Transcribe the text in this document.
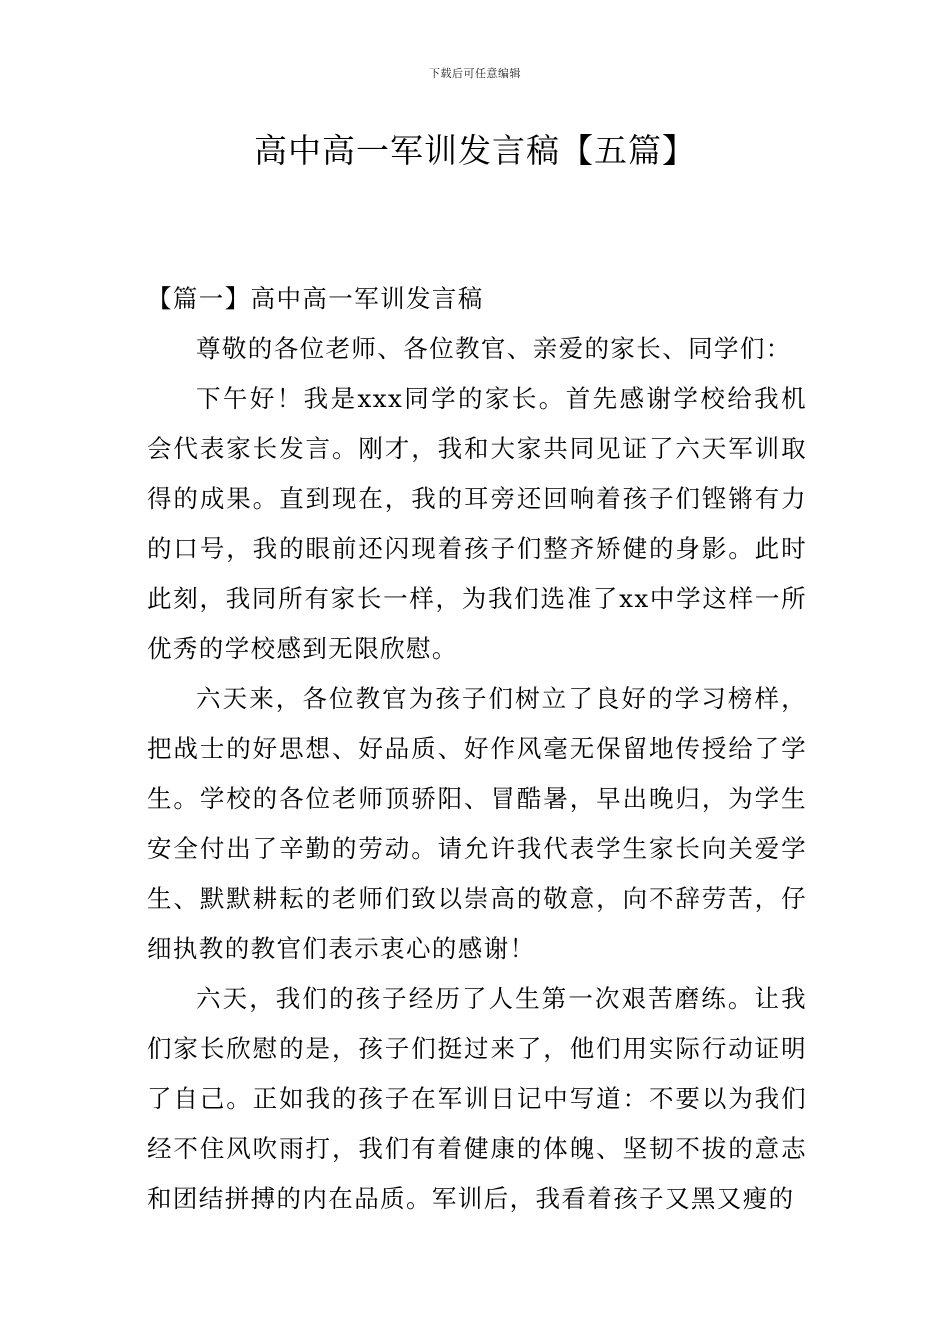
下载后可任意编辑
高中高一军训发言稿【五篇】
【篇一】高中高一军训发言稿

尊敬的各位老师、各位教官、亲爱的家长、同学们：

下午好！我是xxx同学的家长。首先感谢学校给我机会代表家长发言。刚才，我和大家共同见证了六天军训取得的成果。直到现在，我的耳旁还回响着孩子们铿锵有力的口号，我的眼前还闪现着孩子们整齐矫健的身影。此时此刻，我同所有家长一样，为我们选准了xx中学这样一所优秀的学校感到无限欣慰。

六天来，各位教官为孩子们树立了良好的学习榜样，把战士的好思想、好品质、好作风毫无保留地传授给了学生。学校的各位老师顶骄阳、冒酷暑，早出晚归，为学生安全付出了辛勤的劳动。请允许我代表学生家长向关爱学生、默默耕耘的老师们致以崇高的敬意，向不辞劳苦，仔细执教的教官们表示衷心的感谢！

六天，我们的孩子经历了人生第一次艰苦磨练。让我们家长欣慰的是，孩子们挺过来了，他们用实际行动证明了自己。正如我的孩子在军训日记中写道：不要以为我们经不住风吹雨打，我们有着健康的体魄、坚韧不拔的意志和团结拼搏的内在品质。军训后，我看着孩子又黑又瘦的
